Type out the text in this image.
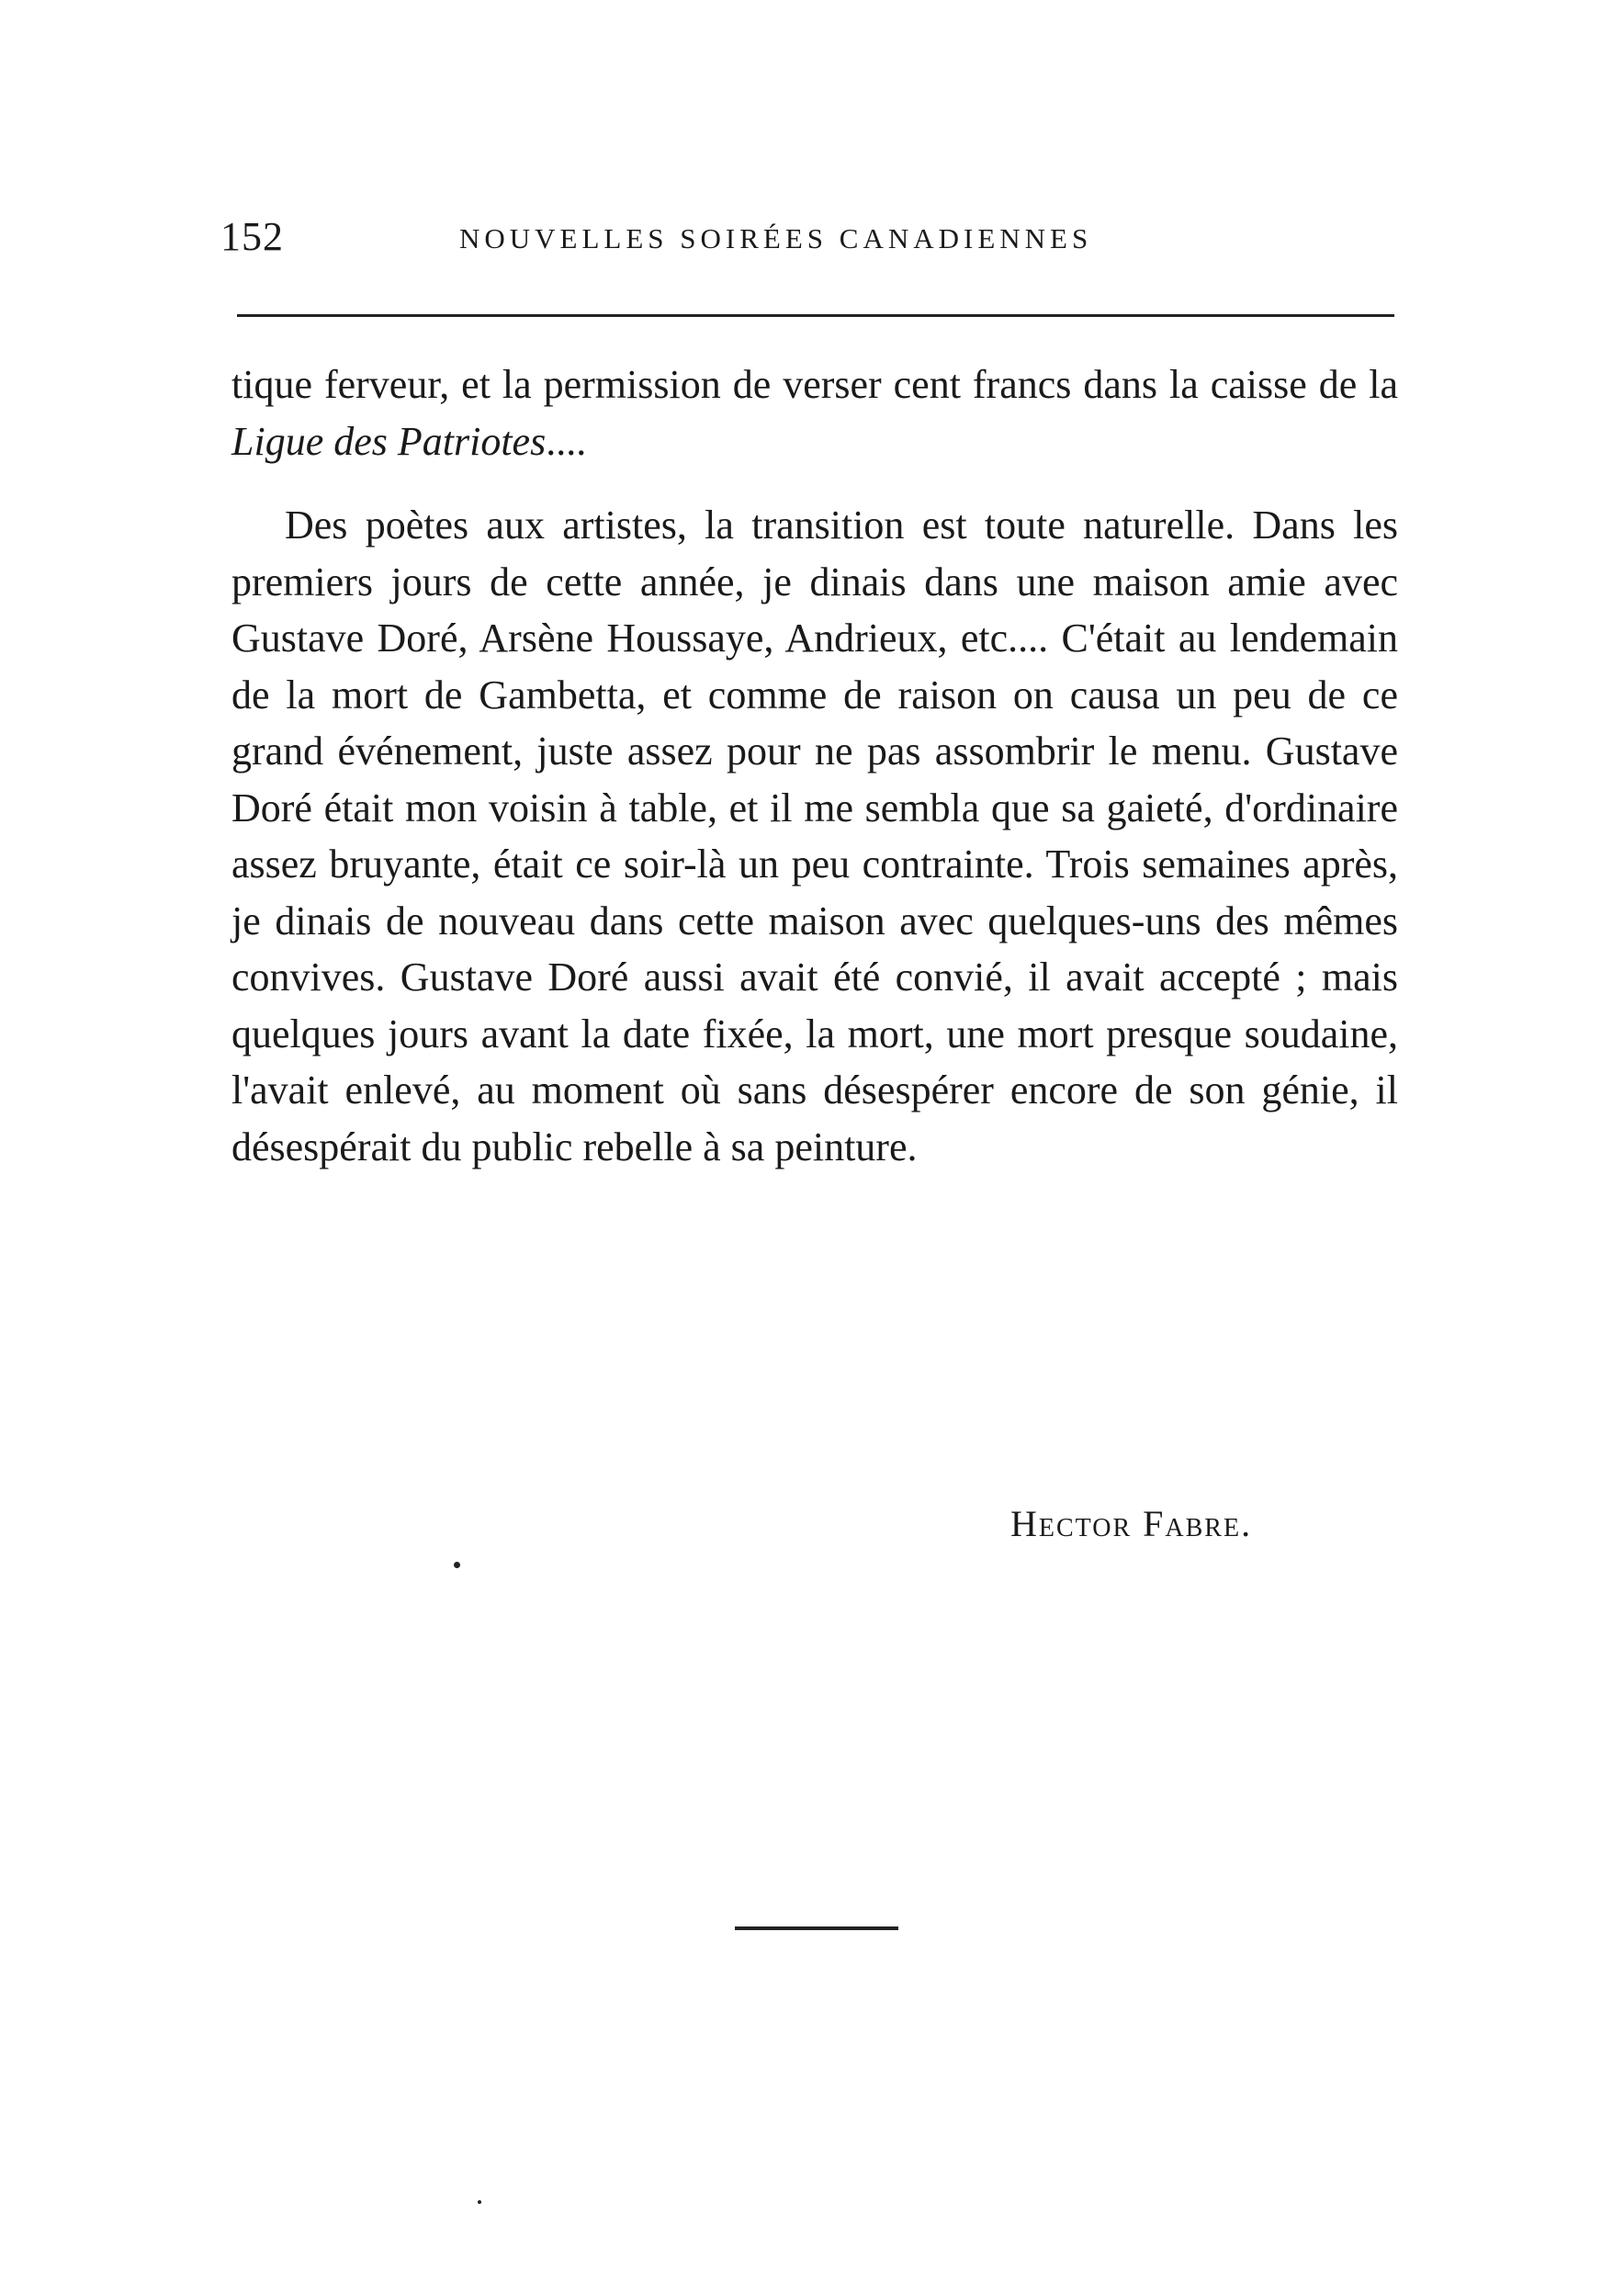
152	NOUVELLES SOIRÉES CANADIENNES

tique ferveur, et la permission de verser cent francs dans la caisse de la Ligue des Patriotes....

Des poètes aux artistes, la transition est toute naturelle. Dans les premiers jours de cette année, je dinais dans une maison amie avec Gustave Doré, Arsène Houssaye, Andrieux, etc.... C'était au lendemain de la mort de Gambetta, et comme de raison on causa un peu de ce grand événement, juste assez pour ne pas assombrir le menu. Gustave Doré était mon voisin à table, et il me sembla que sa gaieté, d'ordinaire assez bruyante, était ce soir-là un peu contrainte. Trois semaines après, je dinais de nouveau dans cette maison avec quelques-uns des mêmes convives. Gustave Doré aussi avait été convié, il avait accepté ; mais quelques jours avant la date fixée, la mort, une mort presque soudaine, l'avait enlevé, au moment où sans désespérer encore de son génie, il désespérait du public rebelle à sa peinture.

Hector Fabre.
